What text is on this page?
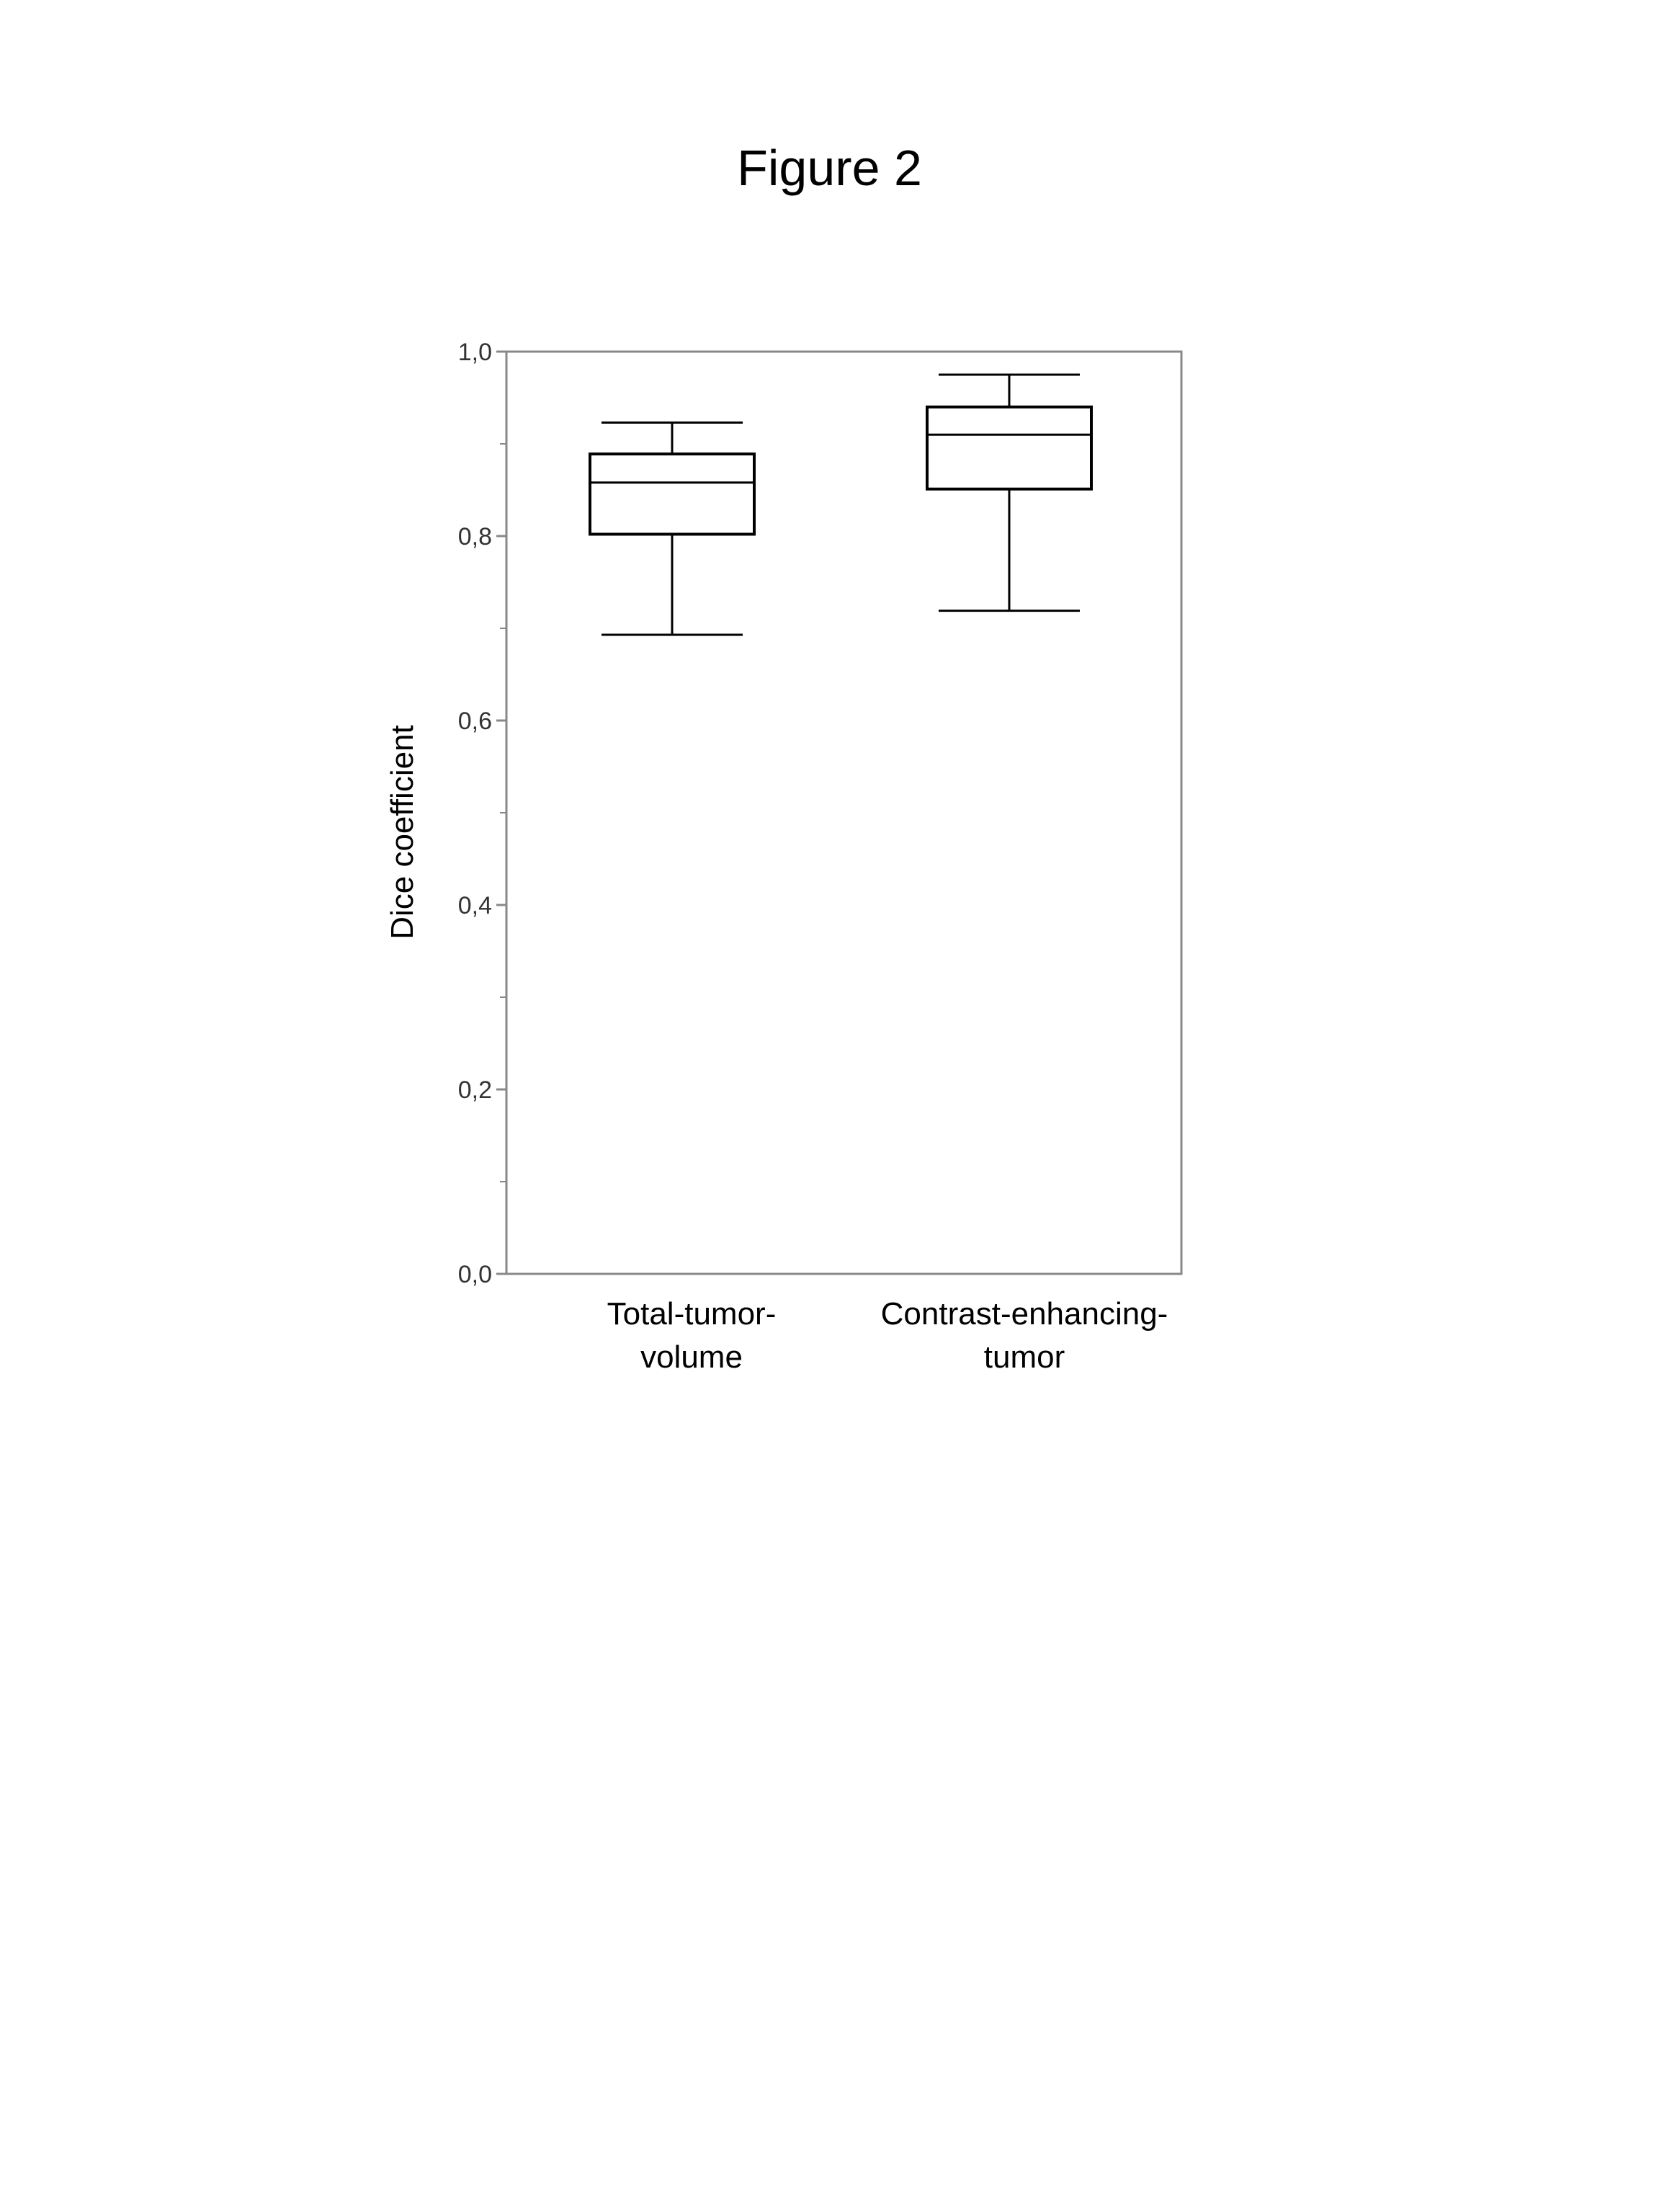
Figure 2
0,0
0,2
0,4
0,6
0,8
1,0
Total-tumor-
volume
Contrast-enhancing-
tumor
Dice coefficient
